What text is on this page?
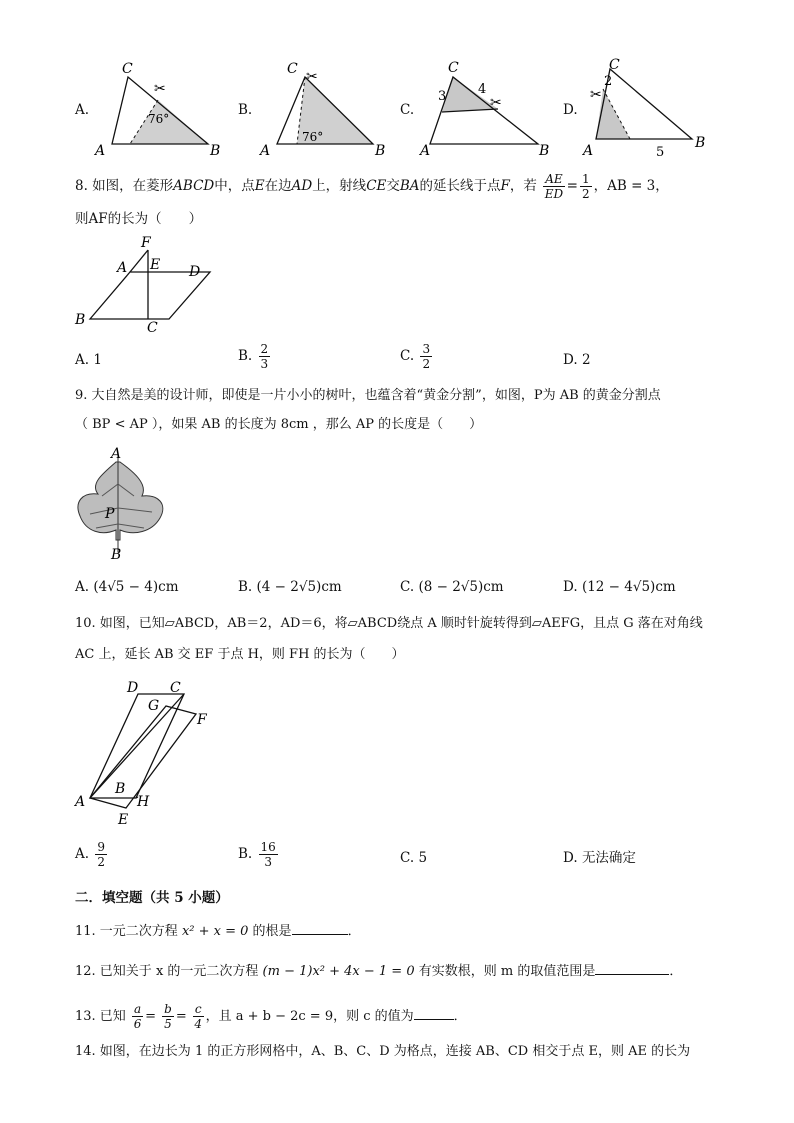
A.
C
A	B
76°
✂
B.
C
A	B
76°
✂
C.
C
A	B
3 4
✂	D.
C
A	B
2
5
✂
8. 如图，在菱形ABCD中，点E在边AD上，射线CE交BA的延长线于点F，若 $\frac{AE}{ED} = \frac{1}{2}$ ，AB = 3，
则AF的长为（　　）
F
A E D
B	C
A. 1	B. $\frac{2}{3}$	C. $\frac{3}{2}$	D. 2
9. 大自然是美的设计师，即使是一片小小的树叶，也蕴含着“黄金分割”，如图，P为 AB 的黄金分割点
（ BP < AP ），如果 AB 的长度为 8cm ，那么 AP 的长度是（　　）
A
P
B
A. (4√5 − 4)cm	B. (4 − 2√5)cm	C. (8 − 2√5)cm	D. (12 − 4√5)cm
10. 如图，已知▱ABCD，AB＝2，AD＝6，将▱ABCD绕点 A 顺时针旋转得到▱AEFG，且点 G 落在对角线
AC 上，延长 AB 交 EF 于点 H，则 FH 的长为（　　）
D C
G
F
A
B
H
E
A. $\frac{9}{2}$	B. $\frac{16}{3}$	C. 5	D. 无法确定
二．填空题（共 5 小题）
11. 一元二次方程 x² + x = 0 的根是	．
12. 已知关于 x 的一元二次方程 (m − 1)x² + 4x − 1 = 0 有实数根，则 m 的取值范围是	．
13. 已知 $\frac{a}{6} = \frac{b}{5} = \frac{c}{4}$ ，且 a + b − 2c = 9，则 c 的值为	．
14. 如图，在边长为 1 的正方形网格中，A、B、C、D 为格点，连接 AB、CD 相交于点 E，则 AE 的长为
